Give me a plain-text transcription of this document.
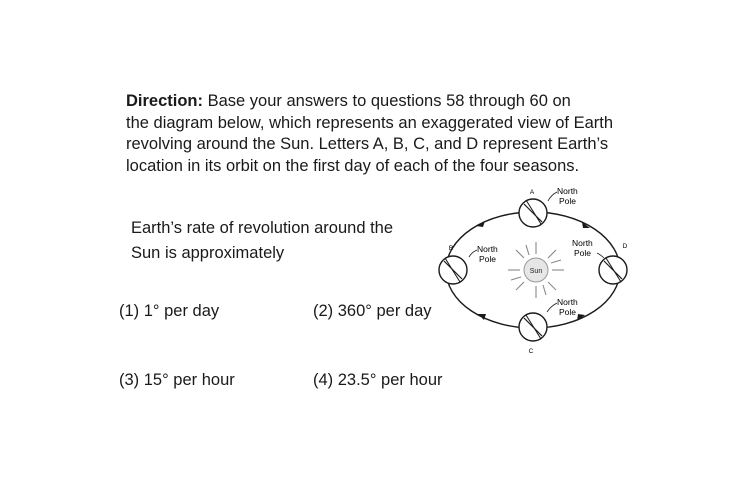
Direction: Base your answers to questions 58 through 60 on
the diagram below, which represents an exaggerated view of Earth
revolving around the Sun. Letters A, B, C, and D represent Earth’s
location in its orbit on the first day of each of the four seasons.
Earth’s rate of revolution around the
Sun is approximately
(1) 1° per day	(2) 360° per day
(3) 15° per hour	(4) 23.5° per hour
Sun
A	North
Pole
B	North
Pole
C
North
Pole
D
North
Pole
